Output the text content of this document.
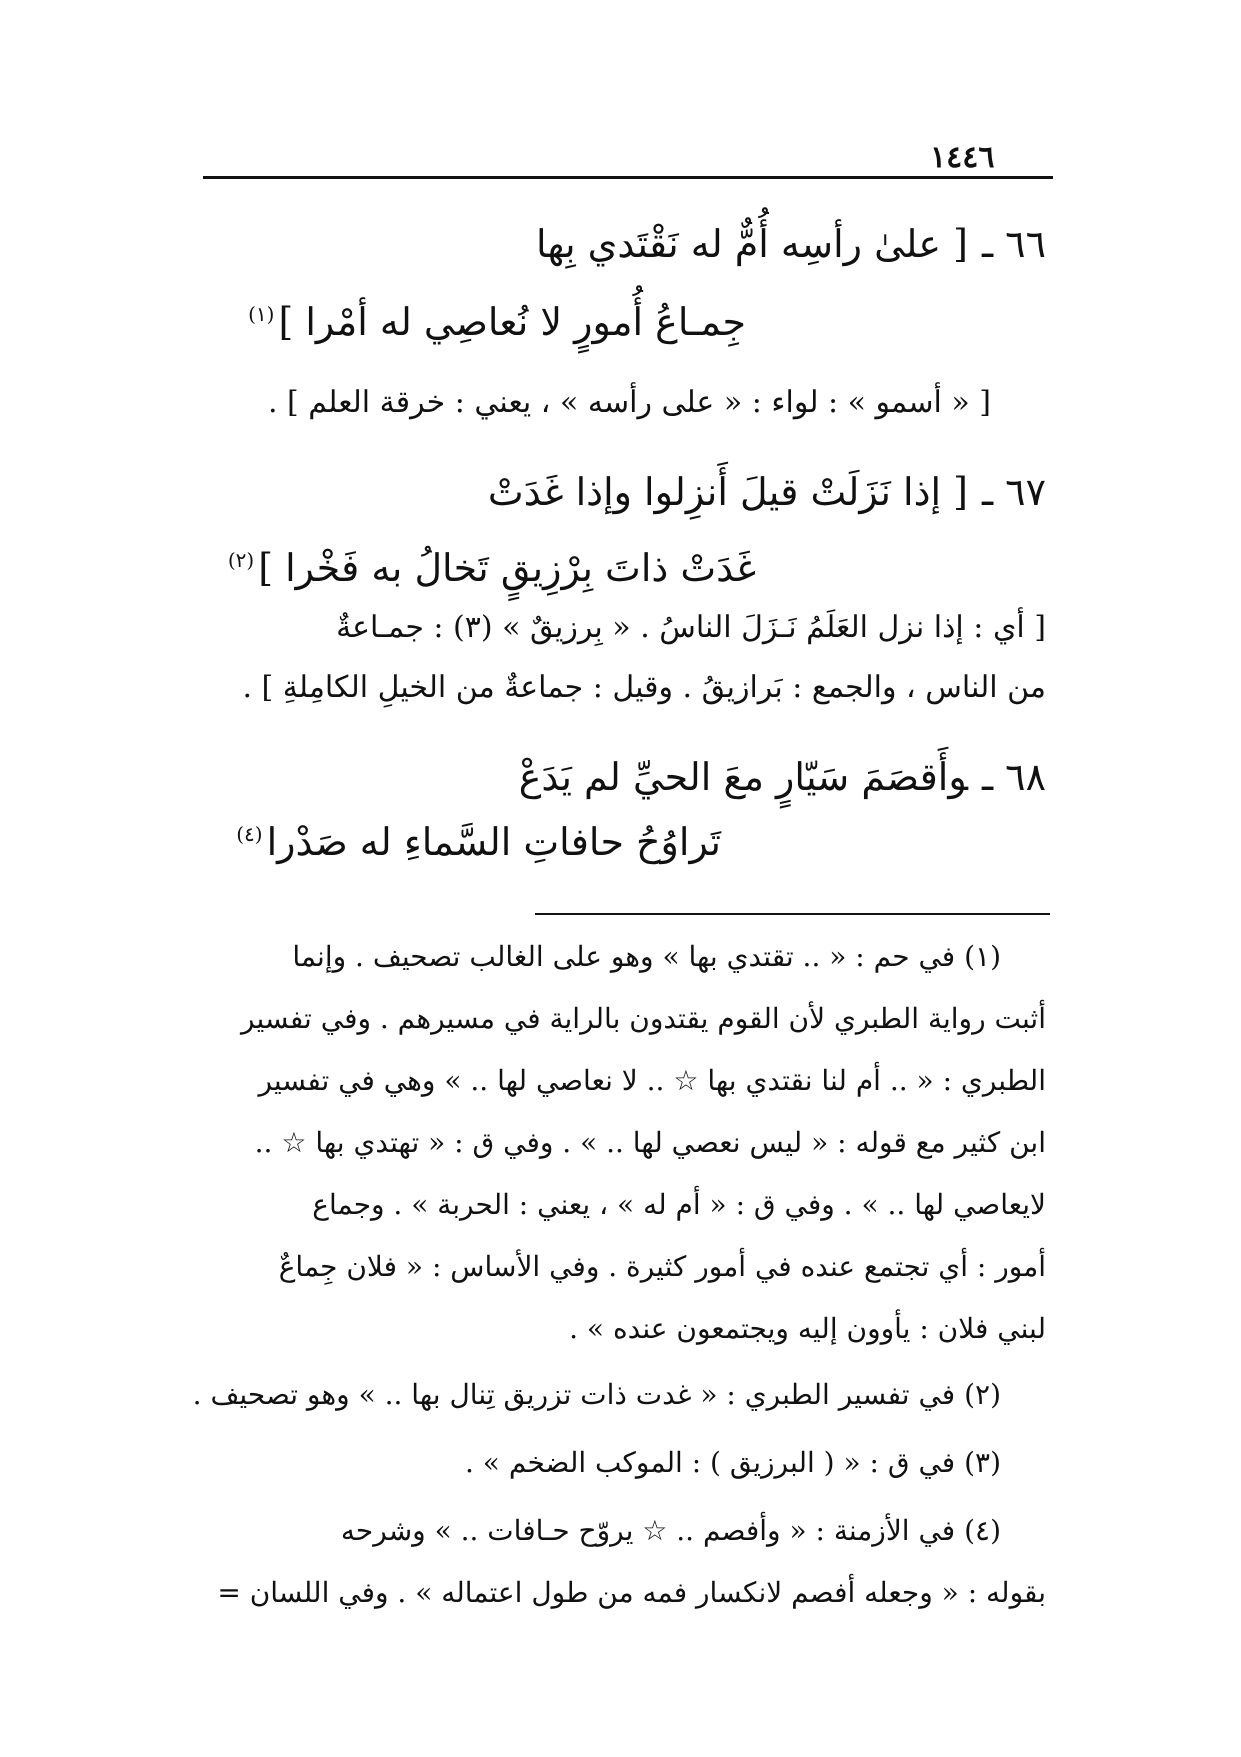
١٤٤٦
٦٦ ـ[ علىٰ رأسِه أُمٌّ له نَقْتَدي بِها
جِمـاعُ أُمورٍ لا نُعاصِي له أمْرا ]$^{(١)}$
[ « أسمو » : لواء : « على رأسه » ، يعني : خرقة العلم ] .
٦٧ ـ[ إذا نَزَلَتْ قيلَ أَنزِلوا وإذا غَدَتْ
غَدَتْ ذاتَ بِرْزِيقٍ تَخالُ به فَخْرا ]$^{(٢)}$
[ أي : إذا نزل العَلَمُ نَـزَلَ الناسُ . « بِرزيقٌ » (٣) : جمـاعةٌ
من الناس ، والجمع : بَرازيقُ . وقيل : جماعةٌ من الخيلِ الكامِلةِ ] .
٦٨ ـوأَقصَمَ سَيّارٍ معَ الحيِّ لم يَدَعْ
تَراوُحُ حافاتِ السَّماءِ له صَدْرا$^{(٤)}$
(١) في حم : « .. تقتدي بها » وهو على الغالب تصحيف . وإنما
أثبت رواية الطبري لأن القوم يقتدون بالراية في مسيرهم . وفي تفسير
الطبري : « .. أم لنا نقتدي بها ☆ .. لا نعاصي لها .. » وهي في تفسير
ابن كثير مع قوله : « ليس نعصي لها .. » . وفي ق : « تهتدي بها ☆ ..
لايعاصي لها .. » . وفي ق : « أم له » ، يعني : الحربة » . وجماع
أمور : أي تجتمع عنده في أمور كثيرة . وفي الأساس : « فلان جِماعٌ
لبني فلان : يأوون إليه ويجتمعون عنده » .
(٢) في تفسير الطبري : « غدت ذات تزريق تِنال بها .. » وهو تصحيف .
(٣) في ق : « ( البرزيق ) : الموكب الضخم » .
(٤) في الأزمنة : « وأفصم .. ☆ يروّح حـافات .. » وشرحه
بقوله : « وجعله أفصم لانكسار فمه من طول اعتماله » . وفي اللسان =
